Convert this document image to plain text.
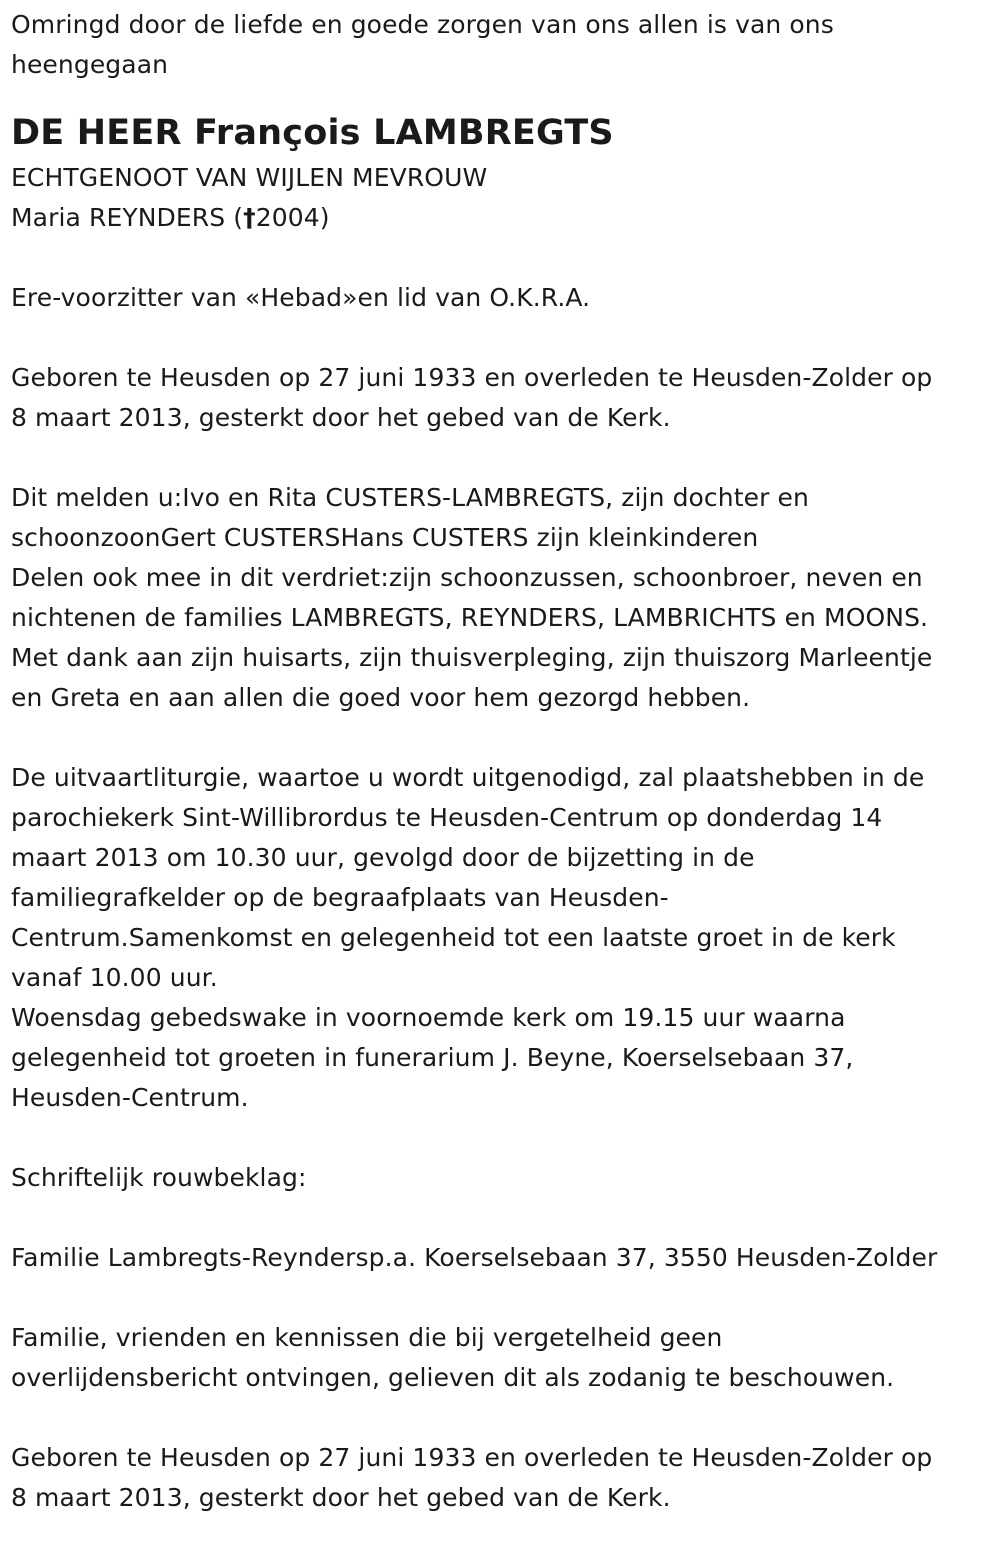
Omringd door de liefde en goede zorgen van ons allen is van ons

heengegaan

DE HEER François LAMBREGTS

ECHTGENOOT VAN WIJLEN MEVROUW

Maria REYNDERS (†2004)

Ere-voorzitter van «Hebad»en lid van O.K.R.A.

Geboren te Heusden op 27 juni 1933 en overleden te Heusden-Zolder op

8 maart 2013, gesterkt door het gebed van de Kerk.

Dit melden u:Ivo en Rita CUSTERS-LAMBREGTS, zijn dochter en

schoonzoonGert CUSTERSHans CUSTERS zijn kleinkinderen

Delen ook mee in dit verdriet:zijn schoonzussen, schoonbroer, neven en

nichtenen de families LAMBREGTS, REYNDERS, LAMBRICHTS en MOONS.

Met dank aan zijn huisarts, zijn thuisverpleging, zijn thuiszorg Marleentje

en Greta en aan allen die goed voor hem gezorgd hebben.

De uitvaartliturgie, waartoe u wordt uitgenodigd, zal plaatshebben in de

parochiekerk Sint-Willibrordus te Heusden-Centrum op donderdag 14

maart 2013 om 10.30 uur, gevolgd door de bijzetting in de

familiegrafkelder op de begraafplaats van Heusden-

Centrum.Samenkomst en gelegenheid tot een laatste groet in de kerk

vanaf 10.00 uur.

Woensdag gebedswake in voornoemde kerk om 19.15 uur waarna

gelegenheid tot groeten in funerarium J. Beyne, Koerselsebaan 37,

Heusden-Centrum.

Schriftelijk rouwbeklag:

Familie Lambregts-Reyndersp.a. Koerselsebaan 37, 3550 Heusden-Zolder

Familie, vrienden en kennissen die bij vergetelheid geen

overlijdensbericht ontvingen, gelieven dit als zodanig te beschouwen.

Geboren te Heusden op 27 juni 1933 en overleden te Heusden-Zolder op

8 maart 2013, gesterkt door het gebed van de Kerk.
